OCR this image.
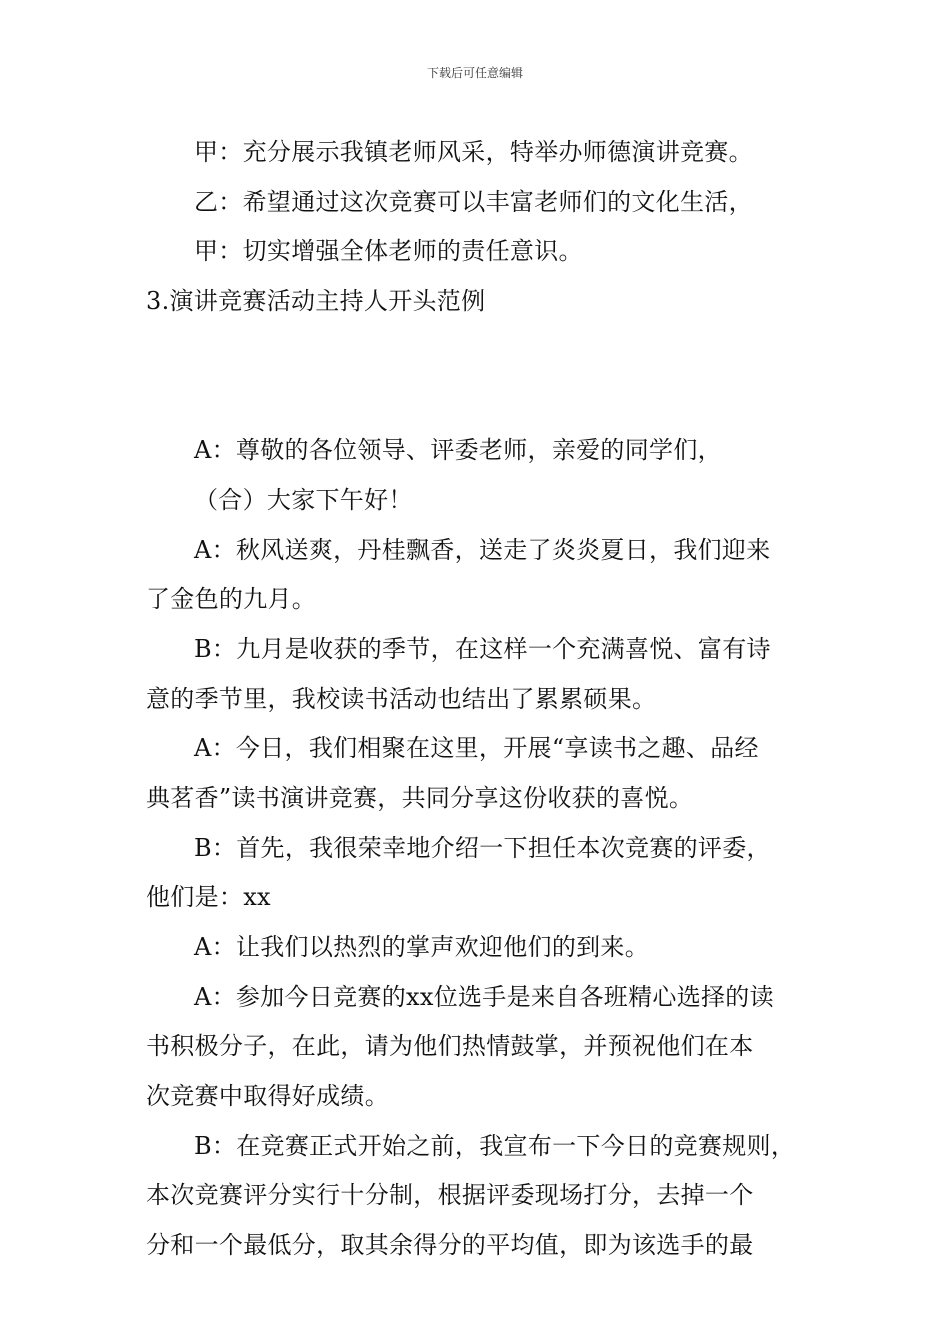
下载后可任意编辑
甲：充分展示我镇老师风采，特举办师德演讲竞赛。
乙：希望通过这次竞赛可以丰富老师们的文化生活，
甲：切实增强全体老师的责任意识。
3.演讲竞赛活动主持人开头范例
A：尊敬的各位领导、评委老师，亲爱的同学们，
（合）大家下午好！
A：秋风送爽，丹桂飘香，送走了炎炎夏日，我们迎来
了金色的九月。
B：九月是收获的季节，在这样一个充满喜悦、富有诗
意的季节里，我校读书活动也结出了累累硕果。
A：今日，我们相聚在这里，开展“享读书之趣、品经
典茗香”读书演讲竞赛，共同分享这份收获的喜悦。
B：首先，我很荣幸地介绍一下担任本次竞赛的评委，
他们是：xx
A：让我们以热烈的掌声欢迎他们的到来。
A：参加今日竞赛的xx位选手是来自各班精心选择的读
书积极分子，在此，请为他们热情鼓掌，并预祝他们在本
次竞赛中取得好成绩。
B：在竞赛正式开始之前，我宣布一下今日的竞赛规则，
本次竞赛评分实行十分制，根据评委现场打分，去掉一个
分和一个最低分，取其余得分的平均值，即为该选手的最
